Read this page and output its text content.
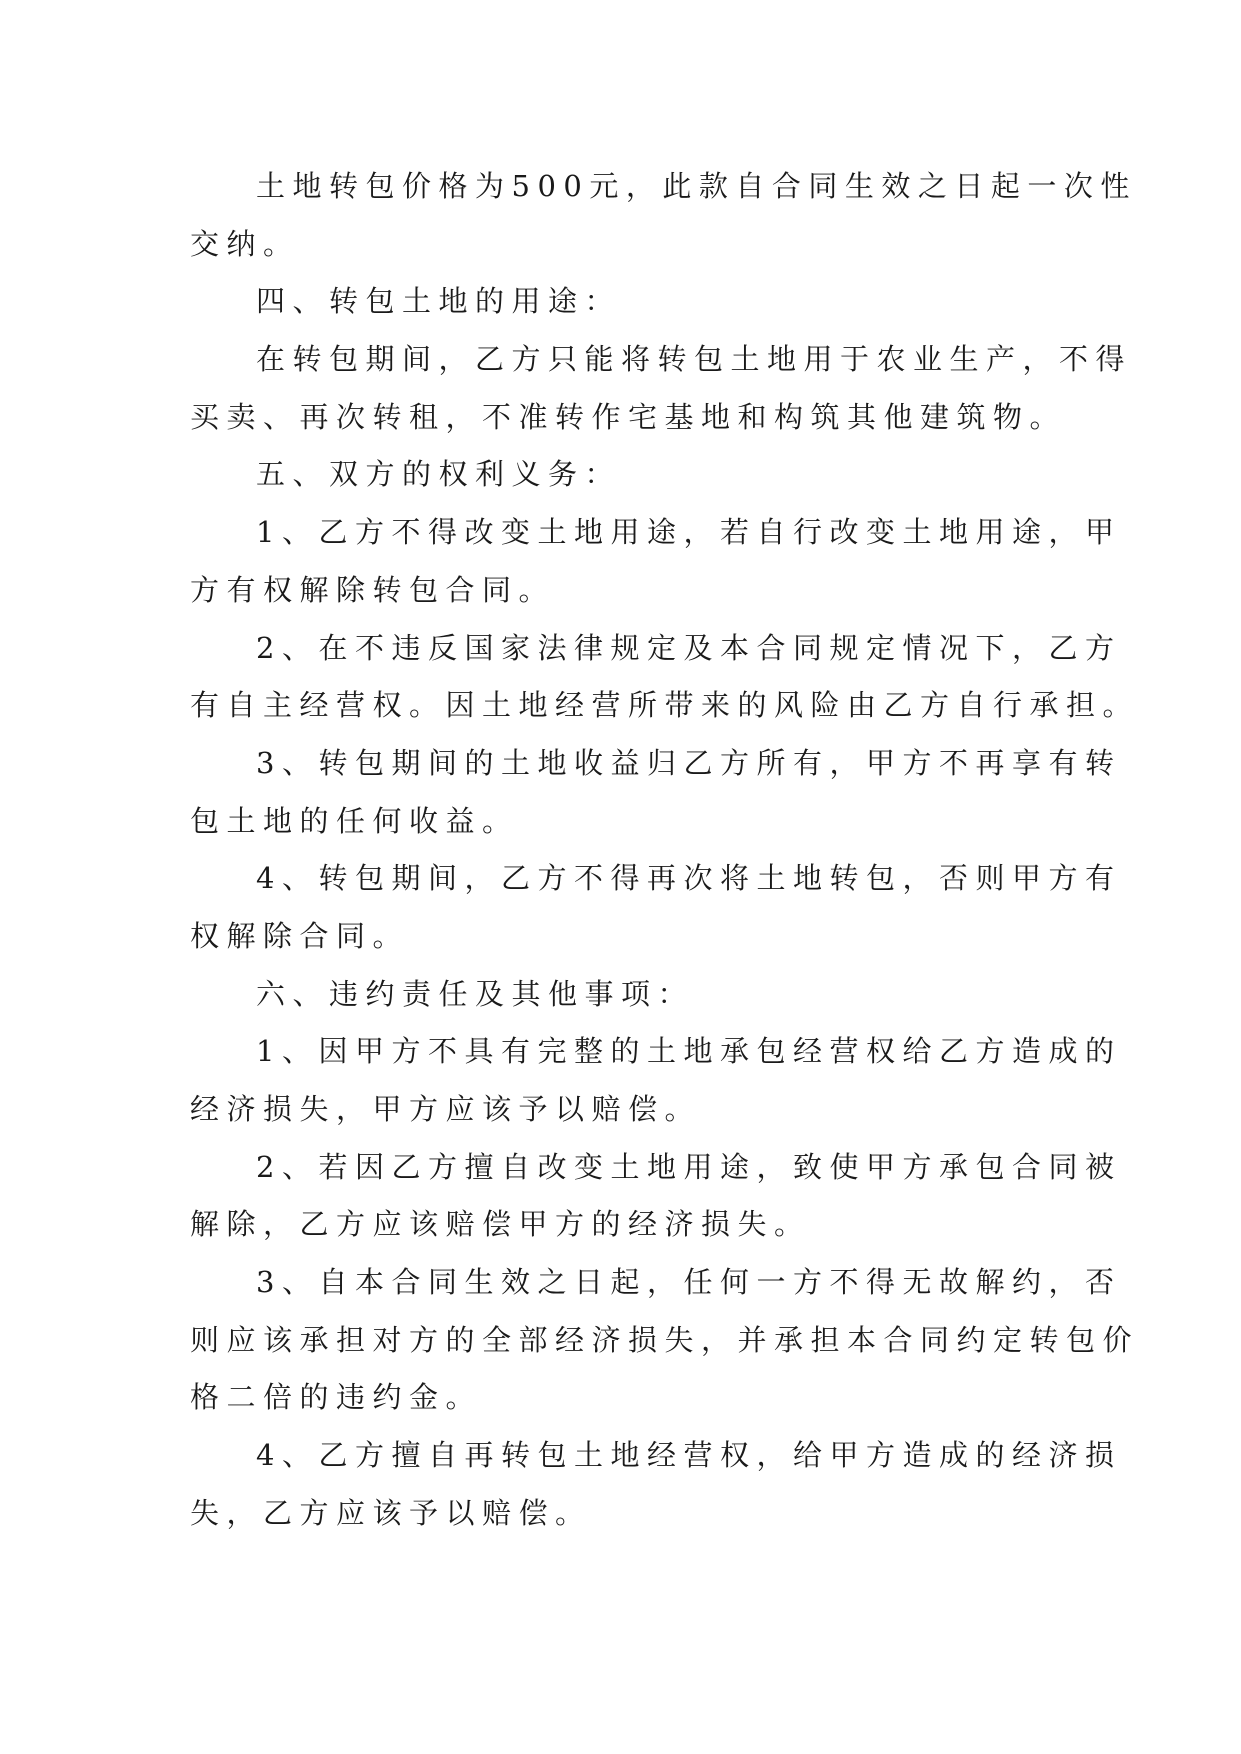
土地转包价格为500元，此款自合同生效之日起一次性
交纳。
四、转包土地的用途：
在转包期间，乙方只能将转包土地用于农业生产，不得
买卖、再次转租，不准转作宅基地和构筑其他建筑物。
五、双方的权利义务：
1、乙方不得改变土地用途，若自行改变土地用途，甲
方有权解除转包合同。
2、在不违反国家法律规定及本合同规定情况下，乙方
有自主经营权。因土地经营所带来的风险由乙方自行承担。
3、转包期间的土地收益归乙方所有，甲方不再享有转
包土地的任何收益。
4、转包期间，乙方不得再次将土地转包，否则甲方有
权解除合同。
六、违约责任及其他事项：
1、因甲方不具有完整的土地承包经营权给乙方造成的
经济损失，甲方应该予以赔偿。
2、若因乙方擅自改变土地用途，致使甲方承包合同被
解除，乙方应该赔偿甲方的经济损失。
3、自本合同生效之日起，任何一方不得无故解约，否
则应该承担对方的全部经济损失，并承担本合同约定转包价
格二倍的违约金。
4、乙方擅自再转包土地经营权，给甲方造成的经济损
失，乙方应该予以赔偿。
